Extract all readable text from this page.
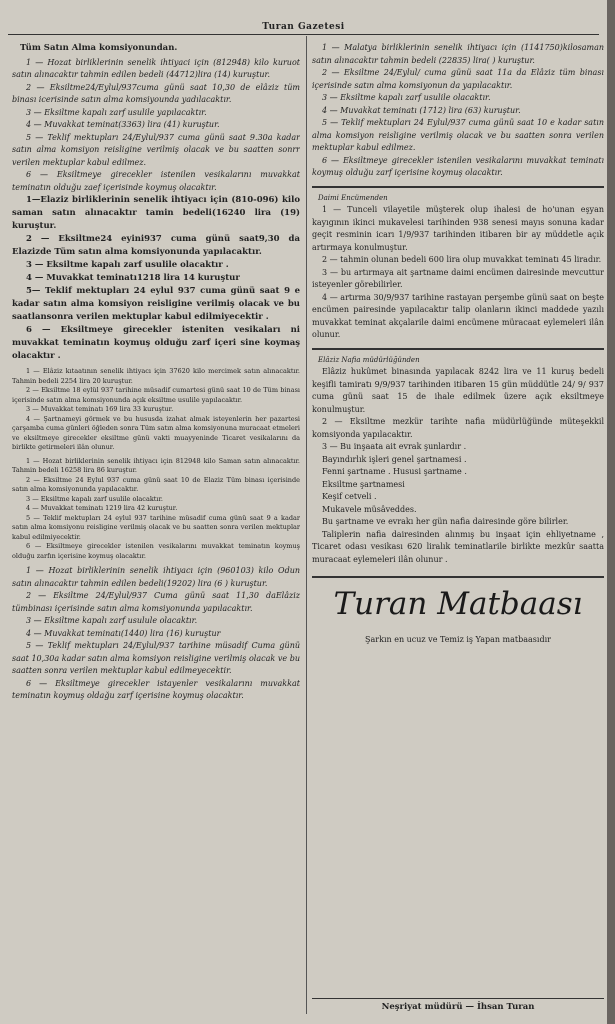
Turan Gazetesi
Tüm Satın Alma komsiyonundan.

1 — Hozat birliklerinin senelik ihtiyaci için (812948) kilo kuruot satın alınacaktır tahmin edilen bedeli (44712)lira (14) kuruştur.

2 — Eksiltme24/Eylul/937cuma günü saat 10,30 de elâziz tüm binası icerisinde satın alma komsiyounda yadılacaktır.

3 — Eksiltme kapalı zarf usulile yapılacaktır.

4 — Muvakkat teminat(3363) lira (41) kuruştur.

5 — Teklif mektupları 24/Eylul/937 cuma günü saat 9.30a kadar satın alma komsiyon reisligine verilmiş olacak ve bu saatten sonrr verilen mektuplar kabul edilmez.

6 — Eksiltmeye girecekler istenilen vesikalarını muvakkat teminatın olduğu zaef içerisinde koymuş olacaktır.

1—Elaziz birliklerinin senelik ihtiyacı için (810-096) kilo saman satın alınacaktır tamin bedeli(16240 lira (19) kuruştur.

2 — Eksiltme24 eyini937 cuma günü saat9,30 da Elazizde Tüm satın alma komsiyonunda yapılacaktır.

3 — Eksiltme kapalı zarf usulile olacaktır .

4 — Muvakkat teminatı1218 lira 14 kuruştur

5— Teklif mektupları 24 eylul 937 cuma günü saat 9 e kadar satın alma komsiyon reisligine verilmiş olacak ve bu saatlansonra verilen mektuplar kabul edilmiyecektir .

6 — Eksiltmeye girecekler isteniten vesikaları ni muvakkat teminatın koymuş olduğu zarf içeri sine koymaş olacaktır .

1 — Elâziz kıtaatının senelik ihtiyacı için 37620 kilo mercimek satın alınacaktır. Tahmin bedeli 2254 lira 20 kuruştur.

2 — Eksiltme 18 eylül 937 tarihine müsadif cumartesi günü saat 10 de Tüm binası içerisinde satın alma komsiyonunda açık eksiltme usulile yapılacaktır.

3 — Muvakkat teminatı 169 lira 33 kuruştur.

4 — Şartnameyi görmek ve bu hususda izahat almak isteyenlerin her pazartesi çarşamba cuma günleri öğleden sonra Tüm satın alma komsiyonuna muracaat etmeleri ve eksiltmeye girecekler eksiltme günü vakti muayyeninde Ticaret vesikalarını da birlikte getirmeleri ilân olunur.

1 — Hozat birliklerinin senelik ihtiyacı için 812948 kilo Saman satın alınacaktır. Tahmin bedeli 16258 lira 86 kuruştur.

2 — Eksiltme 24 Eylul 937 cuma günü saat 10 de Elaziz Tüm binası içerisinde satın alma komsiyonunda yapılacaktır.

3 — Eksiltme kapalı zarf usulile olacaktır.

4 — Muvakkat teminatı 1219 lira 42 kuruştur.

5 — Teklif mektupları 24 eylul 937 tarihine müsadif cuma günü saat 9 a kadar satın alma komsiyonu reisligine verilmiş olacak ve bu saatten sonra verilen mektuplar kabul edilmiyecektir.

6 — Eksiltmeye girecekler istenilen vesikalarını muvakkat teminatın koymuş olduğu zarfın içerisine koymuş olacaktır.

1 — Hozat birliklerinin senelik ihtiyacı için (960103) kilo Odun satın alınacaktır tahmin edilen bedeli(19202) lira (6 ) kuruştur.

2 — Eksiltme 24/Eylul/937 Cuma günü saat 11,30 daElâziz tümbinası içerisinde satın alma komsiyonunda yapılacaktır.

3 — Eksiltme kapalı zarf usulule olacaktır.

4 — Muvakkat teminatı(1440) lira (16) kuruştur

5 — Teklif mektupları 24/Eylul/937 tarihine müsadif Cuma günü saat 10,30a kadar satın alma komsiyon reisligine verilmiş olacak ve bu saatten sonra verilen mektuplar kabul edilmeyecektir.

6 — Eksiltmeye girecekler istayenler vesikalarını muvakkat teminatın koymuş oldağu zarf içerisine koymuş olacaktır.

1 — Malatya birliklerinin senelik ihtiyacı için (1141750)kilosaman satın alınacaktır tahmin bedeli (22835) lira( ) kuruştur.

2 — Eksiltme 24/Eylul/ cuma günü saat 11a da Elâziz tüm binası içerisinde satın alma komsiyonun da yapılacaktır.

3 — Eksiltme kapalı zarf usulile olacaktır.

4 — Muvakkat teminatı (1712) lira (63) kuruştur.

5 — Teklif mektupları 24 Eylul/937 cuma günü saat 10 e kadar satın alma komsiyon reisligine verilmiş olacak ve bu saatten sonra verilen mektuplar kabul edilmez.

6 — Eksiltmeye girecekler istenilen vesikalarını muvakkat teminatı koymuş olduğu zarf içerisine koymuş olacaktır.

Daimi Encümenden

1 — Tunceli vilayetile müşterek olup ihalesi de ho'unan eşyan kayıgının ikinci mukavelesi tarihinden 938 senesi mayıs sonuna kadar geçit resminin icarı 1/9/937 tarihinden itibaren bir ay müddetle açık artırmaya konulmuştur.

2 — tahmin olunan bedeli 600 lira olup muvakkat teminatı 45 liradır.

3 — bu artırmaya ait şartname daimi encümen dairesinde mevcuttur isteyenler görebilirler.

4 — artırma 30/9/937 tarihine rastayan perşembe günü saat on beşte encümen pairesinde yapılacaktır talip olanların ikinci maddede yazılı muvakkat teminat akçalarile daimi encümene müracaat eylemeleri ilân olunur.

Elâziz Nafia müdürlüğünden

Elâziz hukûmet binasında yapılacak 8242 lira ve 11 kuruş bedeli keşifli tamiratı 9/9/937 tarihinden itibaren 15 gün müddütle 24/ 9/ 937 cuma günü saat 15 de ihale edilmek üzere açık eksiltmeye konulmuştur.

2 — Eksiltme mezkür tarihte nafia müdürlüğünde müteşekkil komsiyonda yapılacaktır.

3 — Bu inşaata ait evrak şunlardır .

Bayındırlık işleri genel şartnamesi .

Fenni şartname . Hususi şartname .

Eksiltme şartnamesi

Keşif cetveli .

Mukavele müsâveddes.

Bu şartname ve evrakı her gün nafia dairesinde göre bilirler.

Taliplerin nafia dairesinden alınmış bu inşaat için ehliyetname , Ticaret odası vesikası 620 liralık teminatlarile birlikte mezkûr saatta muracaat eylemeleri ilân olunur .

Turan Matbaası
Şarkın en ucuz ve Temiz iş Yapan matbaasıdır
Neşriyat müdürü — İhsan Turan
